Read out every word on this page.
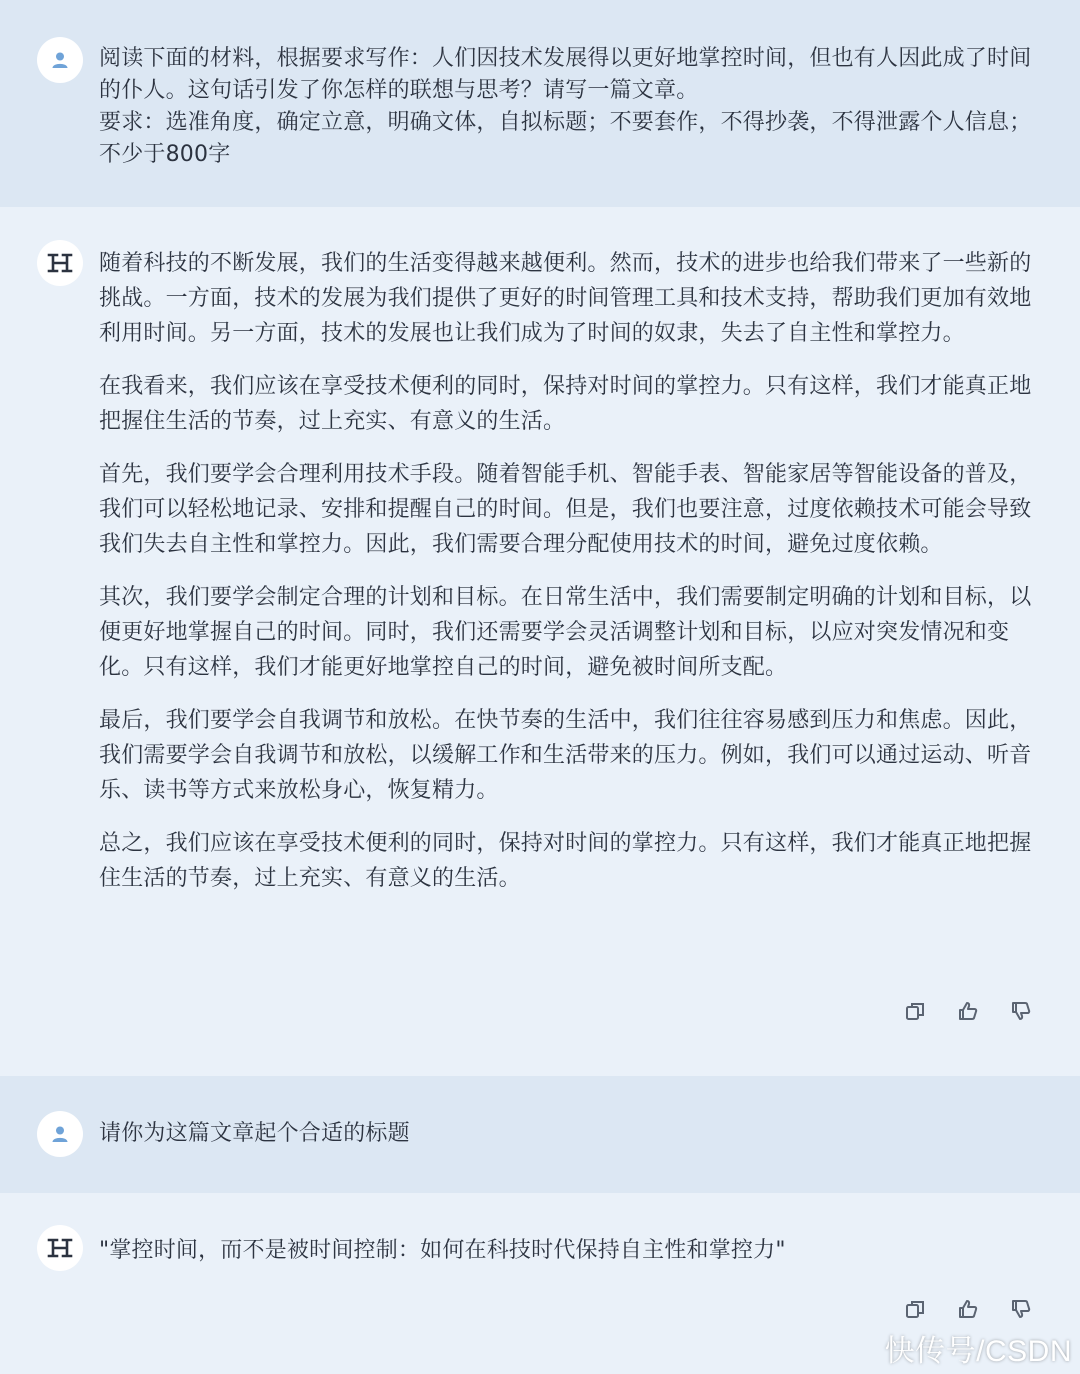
阅读下面的材料，根据要求写作：人们因技术发展得以更好地掌控时间，但也有人因此成了时间的仆人。这句话引发了你怎样的联想与思考？请写一篇文章。

要求：选准角度，确定立意，明确文体，自拟标题；不要套作，不得抄袭，不得泄露个人信息；不少于800字

随着科技的不断发展，我们的生活变得越来越便利。然而，技术的进步也给我们带来了一些新的挑战。一方面，技术的发展为我们提供了更好的时间管理工具和技术支持，帮助我们更加有效地利用时间。另一方面，技术的发展也让我们成为了时间的奴隶，失去了自主性和掌控力。

在我看来，我们应该在享受技术便利的同时，保持对时间的掌控力。只有这样，我们才能真正地把握住生活的节奏，过上充实、有意义的生活。

首先，我们要学会合理利用技术手段。随着智能手机、智能手表、智能家居等智能设备的普及，我们可以轻松地记录、安排和提醒自己的时间。但是，我们也要注意，过度依赖技术可能会导致我们失去自主性和掌控力。因此，我们需要合理分配使用技术的时间，避免过度依赖。

其次，我们要学会制定合理的计划和目标。在日常生活中，我们需要制定明确的计划和目标，以便更好地掌握自己的时间。同时，我们还需要学会灵活调整计划和目标，以应对突发情况和变化。只有这样，我们才能更好地掌控自己的时间，避免被时间所支配。

最后，我们要学会自我调节和放松。在快节奏的生活中，我们往往容易感到压力和焦虑。因此，我们需要学会自我调节和放松，以缓解工作和生活带来的压力。例如，我们可以通过运动、听音乐、读书等方式来放松身心，恢复精力。

总之，我们应该在享受技术便利的同时，保持对时间的掌控力。只有这样，我们才能真正地把握住生活的节奏，过上充实、有意义的生活。

请你为这篇文章起个合适的标题

"掌控时间，而不是被时间控制：如何在科技时代保持自主性和掌控力"

快传号/CSDN
